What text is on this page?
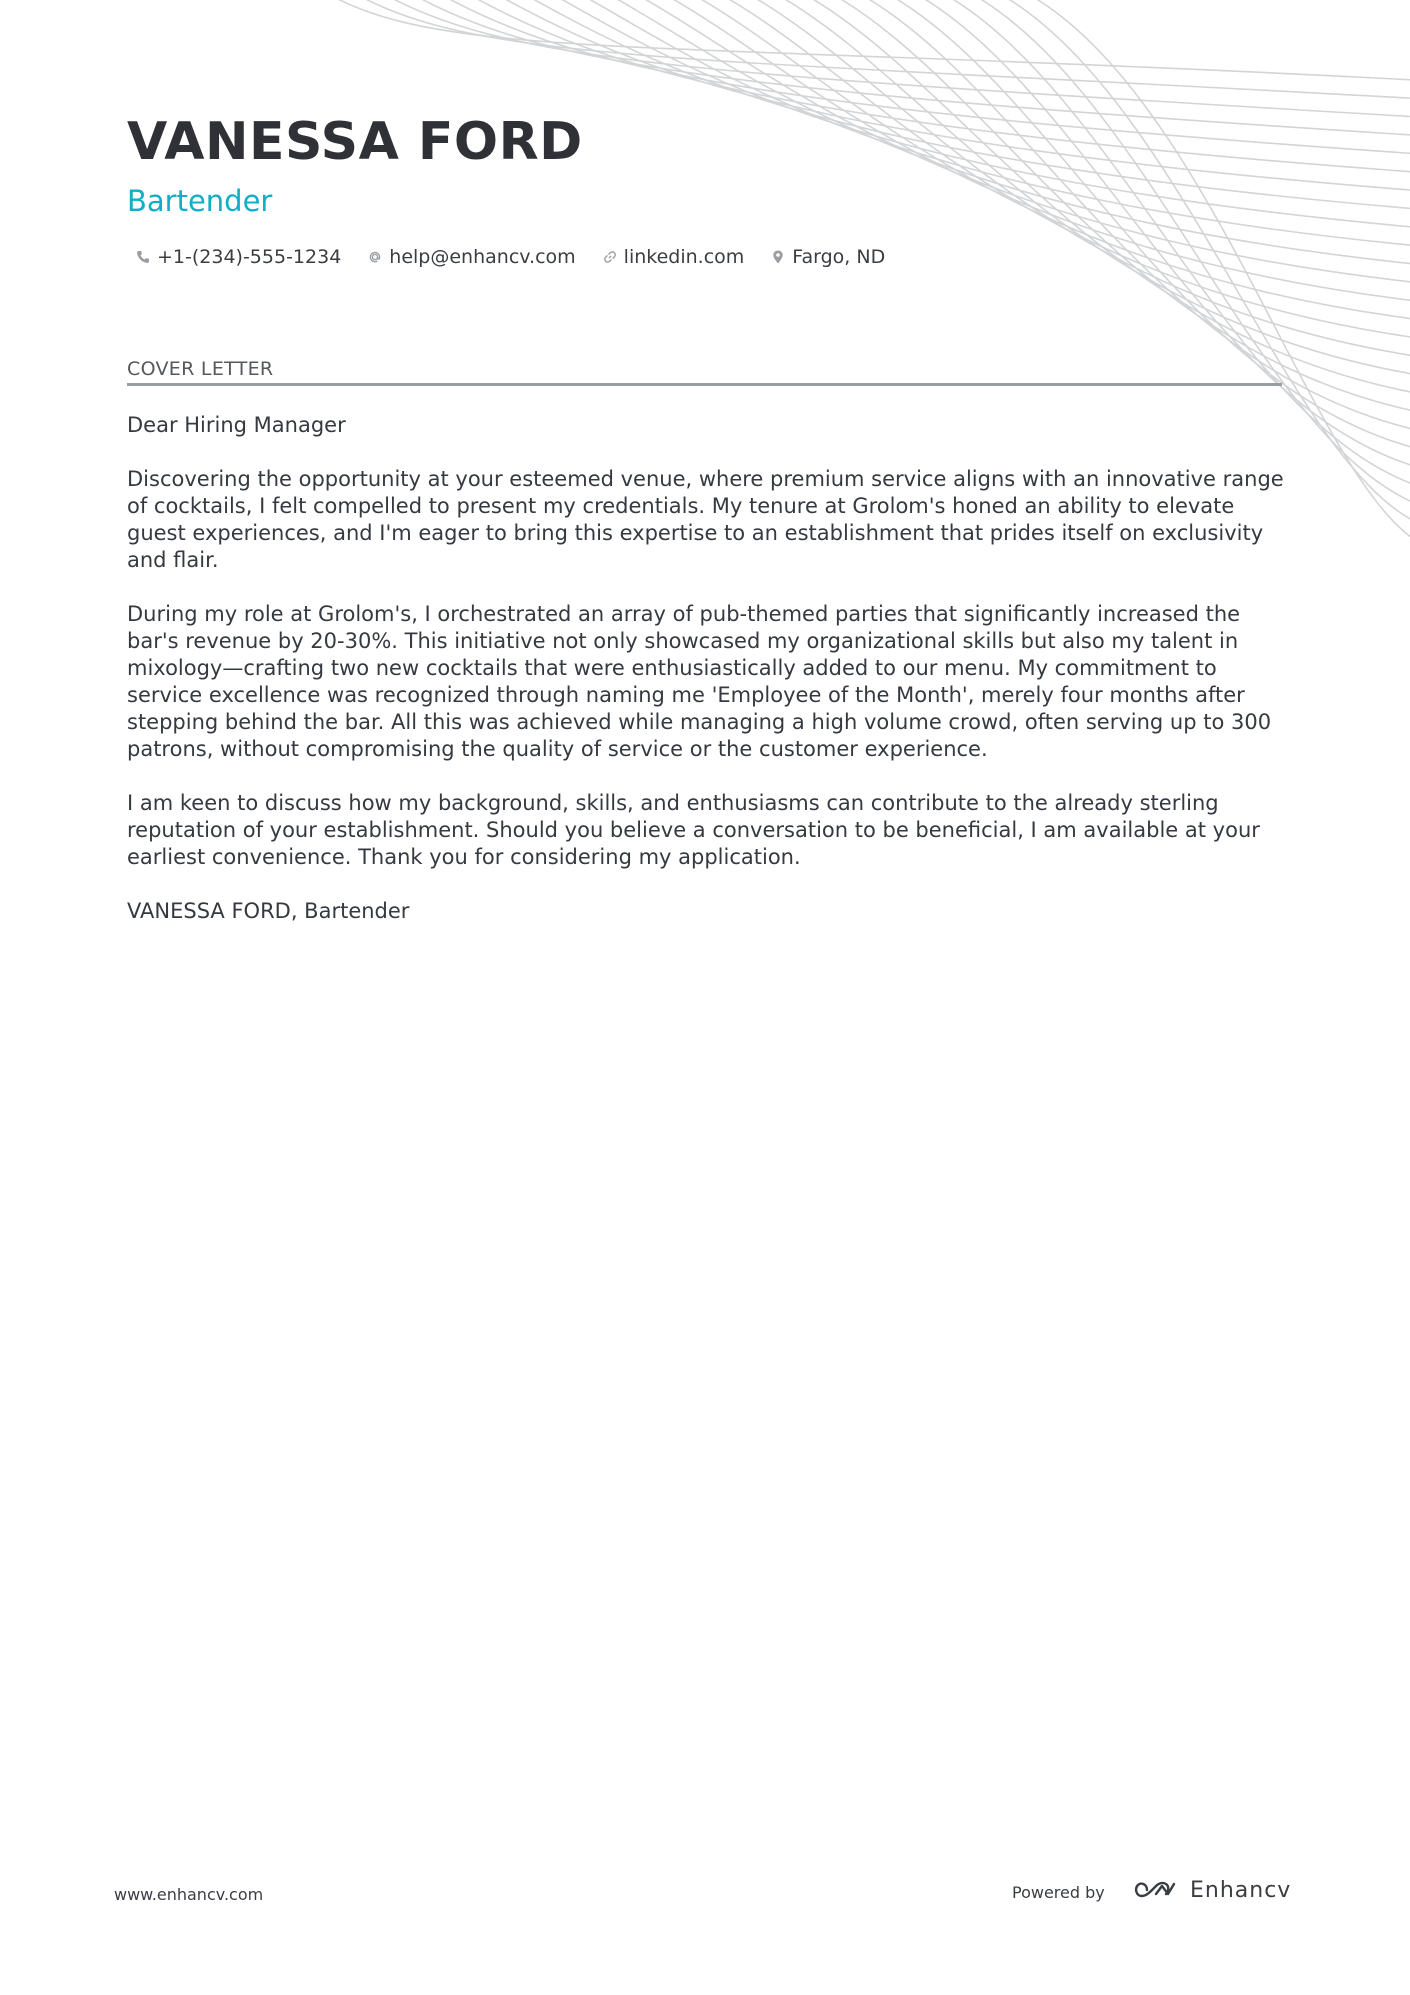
VANESSA FORD
Bartender
+1-(234)-555-1234	help@enhancv.com	linkedin.com	Fargo, ND
COVER LETTER

Dear Hiring Manager

Discovering the opportunity at your esteemed venue, where premium service aligns with an innovative range of cocktails, I felt compelled to present my credentials. My tenure at Grolom's honed an ability to elevate guest experiences, and I'm eager to bring this expertise to an establishment that prides itself on exclusivity and flair.

During my role at Grolom's, I orchestrated an array of pub-themed parties that significantly increased the bar's revenue by 20-30%. This initiative not only showcased my organizational skills but also my talent in mixology—crafting two new cocktails that were enthusiastically added to our menu. My commitment to service excellence was recognized through naming me 'Employee of the Month', merely four months after stepping behind the bar. All this was achieved while managing a high volume crowd, often serving up to 300 patrons, without compromising the quality of service or the customer experience.

I am keen to discuss how my background, skills, and enthusiasms can contribute to the already sterling reputation of your establishment. Should you believe a conversation to be beneficial, I am available at your earliest convenience. Thank you for considering my application.

VANESSA FORD, Bartender

www.enhancv.com	Powered by	Enhancv
